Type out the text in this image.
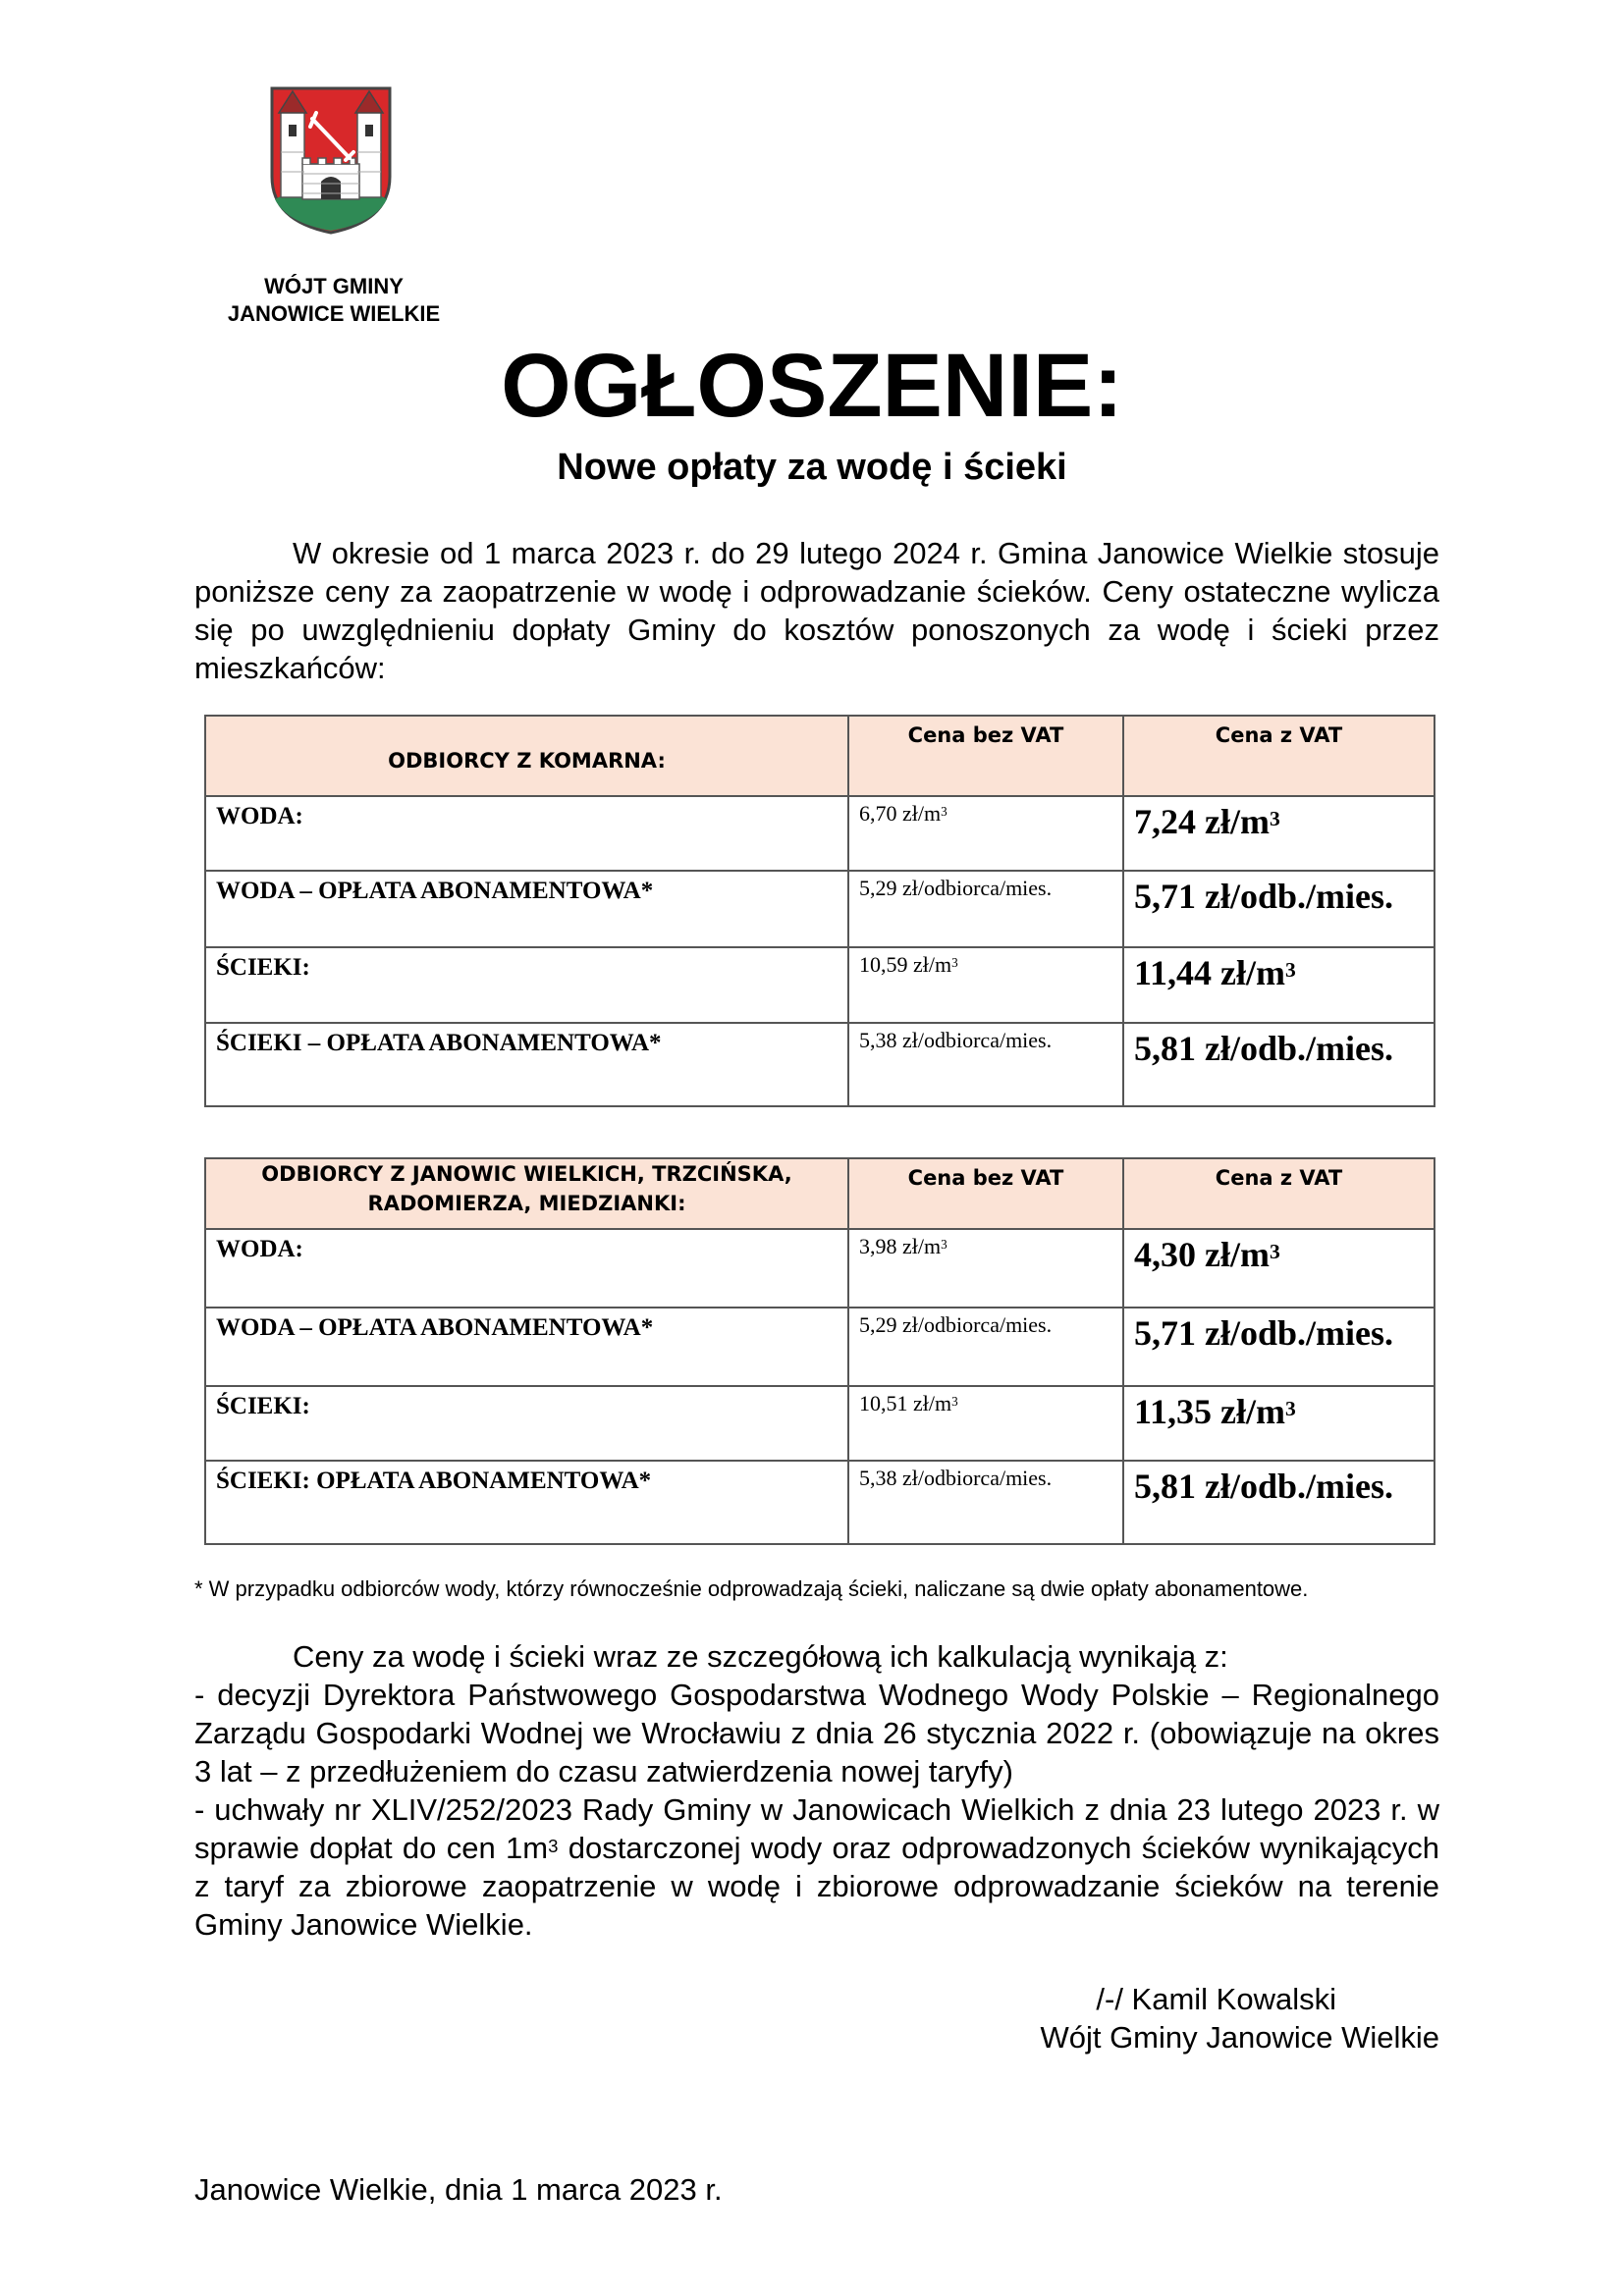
WÓJT GMINY
JANOWICE WIELKIE
OGŁOSZENIE:
Nowe opłaty za wodę i ścieki
W okresie od 1 marca 2023 r. do 29 lutego 2024 r. Gmina Janowice Wielkie stosuje poniższe ceny za zaopatrzenie w wodę i odprowadzanie ścieków. Ceny ostateczne wylicza się po uwzględnieniu dopłaty Gminy do kosztów ponoszonych za wodę i ścieki przez mieszkańców:
ODBIORCY Z KOMARNA:	Cena bez VAT	Cena z VAT
WODA:	6,70 $zł/m^3$	7,24 $zł/m^3$
WODA – OPŁATA ABONAMENTOWA*	5,29 zł/odbiorca/mies.	5,71 zł/odb./mies.
ŚCIEKI:	10,59 $zł/m^3$	11,44 $zł/m^3$
ŚCIEKI – OPŁATA ABONAMENTOWA*	5,38 zł/odbiorca/mies.	5,81 zł/odb./mies.
ODBIORCY Z JANOWIC WIELKICH, TRZCIŃSKA,
RADOMIERZA, MIEDZIANKI:	Cena bez VAT	Cena z VAT
WODA:	3,98 $zł/m^3$	4,30 $zł/m^3$
WODA – OPŁATA ABONAMENTOWA*	5,29 zł/odbiorca/mies.	5,71 zł/odb./mies.
ŚCIEKI:	10,51 $zł/m^3$	11,35 $zł/m^3$
ŚCIEKI: OPŁATA ABONAMENTOWA*	5,38 zł/odbiorca/mies.	5,81 zł/odb./mies.
* W przypadku odbiorców wody, którzy równocześnie odprowadzają ścieki, naliczane są dwie opłaty abonamentowe.

Ceny za wodę i ścieki wraz ze szczegółową ich kalkulacją wynikają z:

- decyzji Dyrektora Państwowego Gospodarstwa Wodnego Wody Polskie – Regionalnego Zarządu Gospodarki Wodnej we Wrocławiu z dnia 26 stycznia 2022 r. (obowiązuje na okres 3 lat – z przedłużeniem do czasu zatwierdzenia nowej taryfy)

- uchwały nr XLIV/252/2023 Rady Gminy w Janowicach Wielkich z dnia 23 lutego 2023 r. w sprawie dopłat do cen $1m^3$ dostarczonej wody oraz odprowadzonych ścieków wynikających z taryf za zbiorowe zaopatrzenie w wodę i zbiorowe odprowadzanie ścieków na terenie Gminy Janowice Wielkie.

/-/ Kamil Kowalski
Wójt Gminy Janowice Wielkie
Janowice Wielkie, dnia 1 marca 2023 r.
